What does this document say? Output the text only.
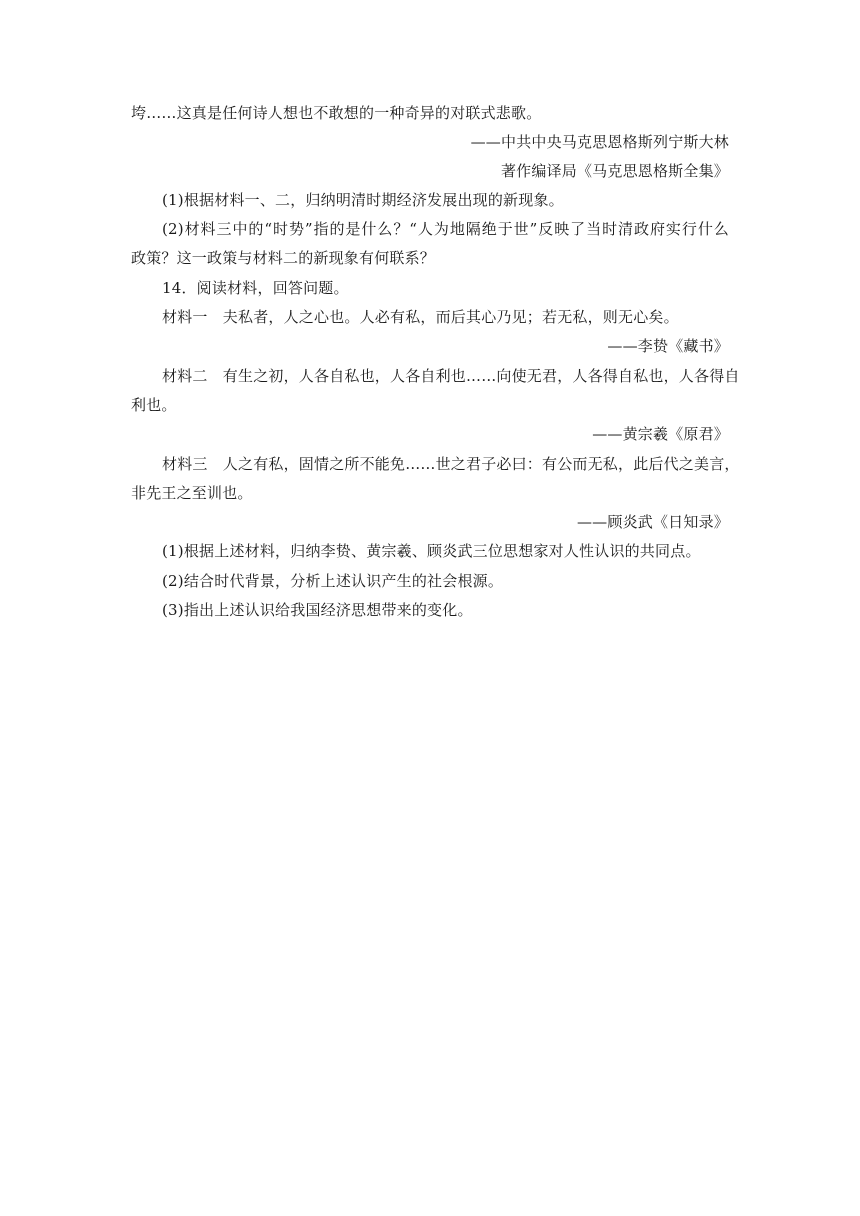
垮……这真是任何诗人想也不敢想的一种奇异的对联式悲歌。
——中共中央马克思恩格斯列宁斯大林
著作编译局《马克思恩格斯全集》
(1)根据材料一、二，归纳明清时期经济发展出现的新现象。
(2)材料三中的“时势”指的是什么？“人为地隔绝于世”反映了当时清政府实行什么
政策？这一政策与材料二的新现象有何联系？
14．阅读材料，回答问题。
材料一　夫私者，人之心也。人必有私，而后其心乃见；若无私，则无心矣。
——李贽《藏书》
材料二　有生之初，人各自私也，人各自利也……向使无君，人各得自私也，人各得自
利也。
——黄宗羲《原君》
材料三　人之有私，固情之所不能免……世之君子必曰：有公而无私，此后代之美言，
非先王之至训也。
——顾炎武《日知录》
(1)根据上述材料，归纳李贽、黄宗羲、顾炎武三位思想家对人性认识的共同点。
(2)结合时代背景，分析上述认识产生的社会根源。
(3)指出上述认识给我国经济思想带来的变化。
